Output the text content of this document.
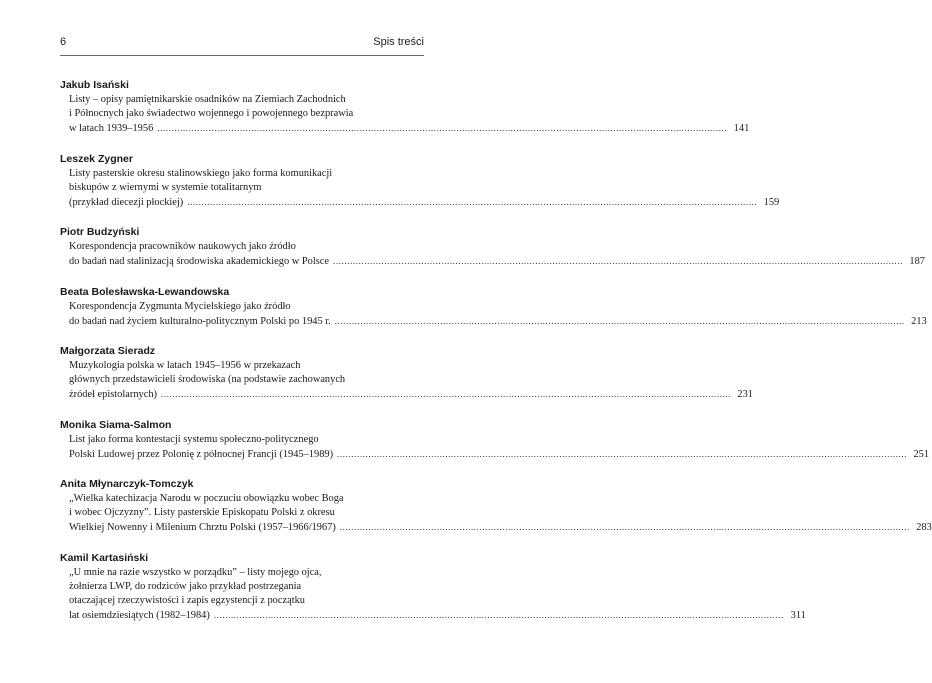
6	Spis treści
Jakub Isański
Listy – opisy pamiętnikarskie osadników na Ziemiach Zachodnich
i Północnych jako świadectwo wojennego i powojennego bezprawia
w latach 1939–1956 ........................................................................................................................................................................................................ 141
Leszek Zygner
Listy pasterskie okresu stalinowskiego jako forma komunikacji
biskupów z wiernymi w systemie totalitarnym
(przykład diecezji płockiej) ........................................................................................................................................................................................................ 159
Piotr Budzyński
Korespondencja pracowników naukowych jako źródło
do badań nad stalinizacją środowiska akademickiego w Polsce ........................................................................................................................................................................................................ 187
Beata Bolesławska-Lewandowska
Korespondencja Zygmunta Mycielskiego jako źródło
do badań nad życiem kulturalno-politycznym Polski po 1945 r. ........................................................................................................................................................................................................ 213
Małgorzata Sieradz
Muzykologia polska w latach 1945–1956 w przekazach
głównych przedstawicieli środowiska (na podstawie zachowanych
źródeł epistolarnych) ........................................................................................................................................................................................................ 231
Monika Siama-Salmon
List jako forma kontestacji systemu społeczno-politycznego
Polski Ludowej przez Polonię z północnej Francji (1945–1989) ........................................................................................................................................................................................................ 251
Anita Młynarczyk-Tomczyk
„Wielka katechizacja Narodu w poczuciu obowiązku wobec Boga
i wobec Ojczyzny”. Listy pasterskie Episkopatu Polski z okresu
Wielkiej Nowenny i Milenium Chrztu Polski (1957–1966/1967) ........................................................................................................................................................................................................ 283
Kamil Kartasiński
„U mnie na razie wszystko w porządku” – listy mojego ojca,
żołnierza LWP, do rodziców jako przykład postrzegania
otaczającej rzeczywistości i zapis egzystencji z początku
lat osiemdziesiątych (1982–1984) ........................................................................................................................................................................................................ 311
